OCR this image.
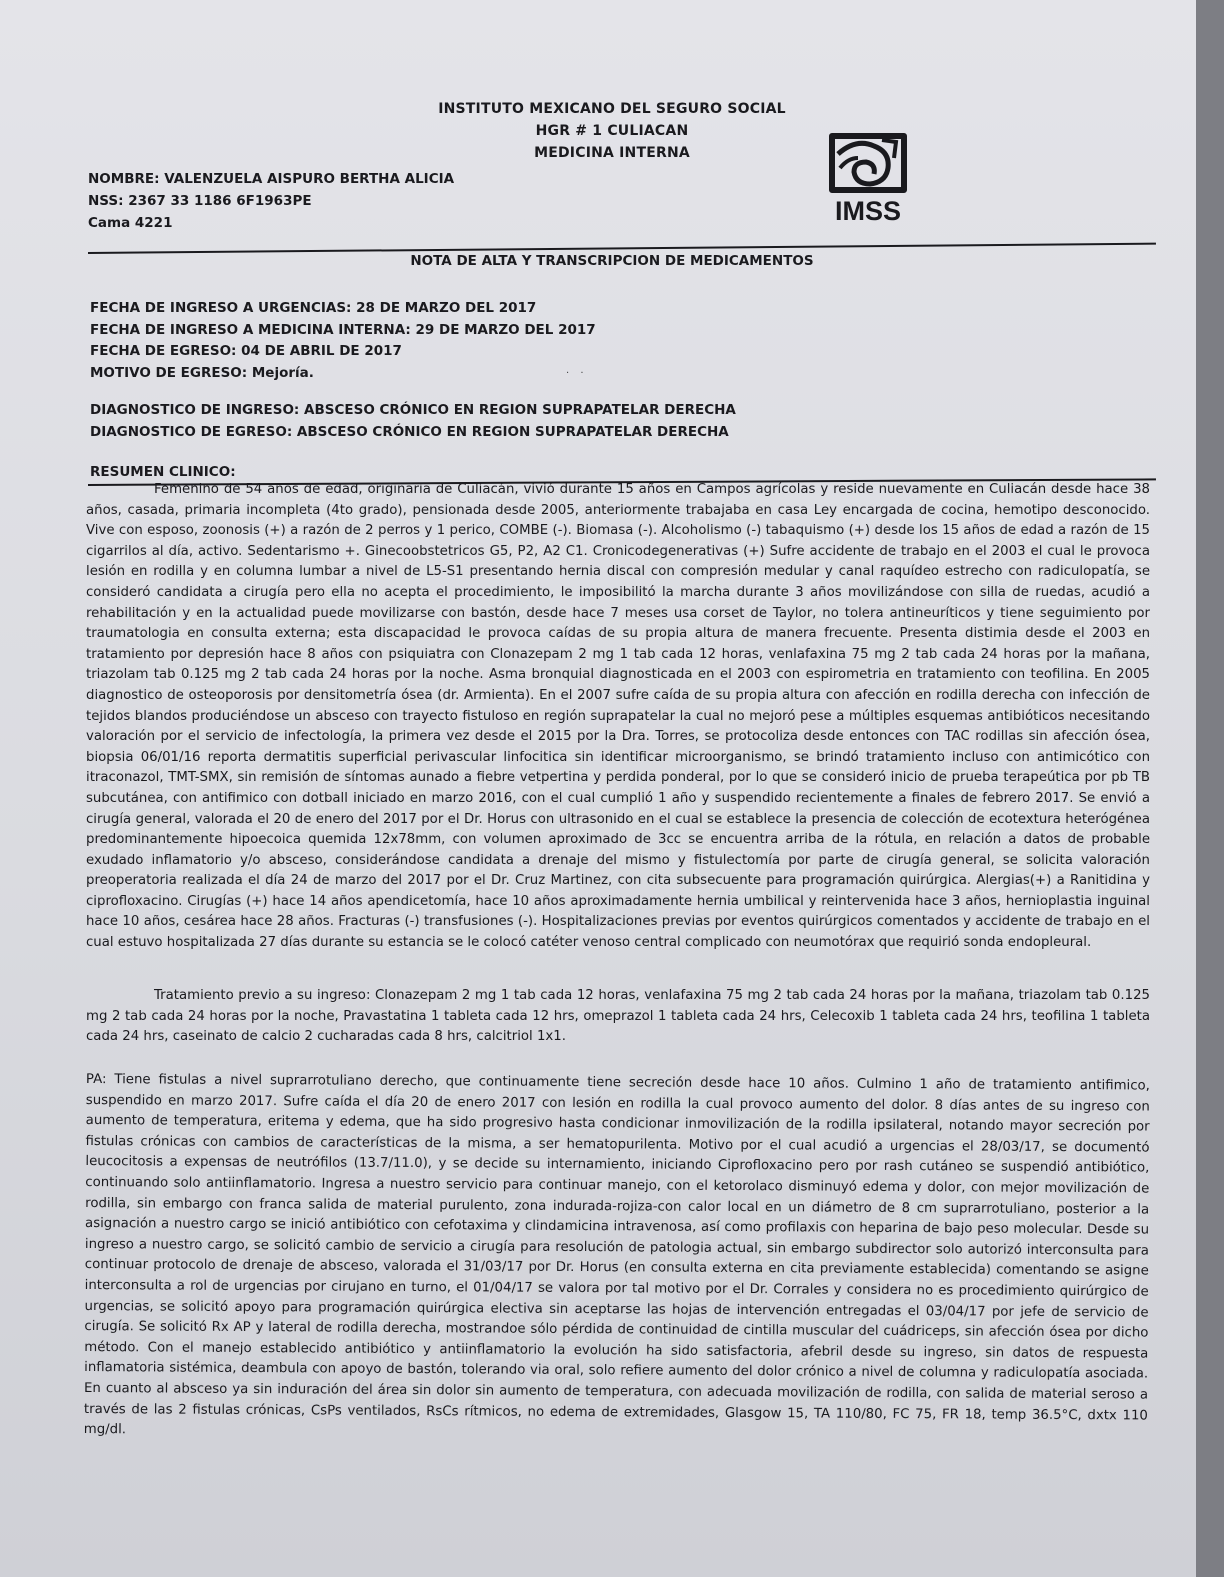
INSTITUTO MEXICANO DEL SEGURO SOCIAL
HGR # 1 CULIACAN
MEDICINA INTERNA
NOMBRE: VALENZUELA AISPURO BERTHA ALICIA
NSS: 2367 33 1186 6F1963PE
Cama 4221	IMSS
NOTA DE ALTA Y TRANSCRIPCION DE MEDICAMENTOS
FECHA DE INGRESO A URGENCIAS: 28 DE MARZO DEL 2017
FECHA DE INGRESO A MEDICINA INTERNA: 29 DE MARZO DEL 2017
FECHA DE EGRESO: 04 DE ABRIL DE 2017
MOTIVO DE EGRESO: Mejoría.	· ·
DIAGNOSTICO DE INGRESO: ABSCESO CRÓNICO EN REGION SUPRAPATELAR DERECHA
DIAGNOSTICO DE EGRESO: ABSCESO CRÓNICO EN REGION SUPRAPATELAR DERECHA
RESUMEN CLINICO:

Femenino de 54 años de edad, originaria de Culiacán, vivió durante 15 años en Campos agrícolas y reside nuevamente en Culiacán desde hace 38 años, casada, primaria incompleta (4to grado), pensionada desde 2005, anteriormente trabajaba en casa Ley encargada de cocina, hemotipo desconocido. Vive con esposo, zoonosis (+) a razón de 2 perros y 1 perico, COMBE (-). Biomasa (-). Alcoholismo (-) tabaquismo (+) desde los 15 años de edad a razón de 15 cigarrilos al día, activo. Sedentarismo +. Ginecoobstetricos G5, P2, A2 C1. Cronicodegenerativas (+) Sufre accidente de trabajo en el 2003 el cual le provoca lesión en rodilla y en columna lumbar a nivel de L5-S1 presentando hernia discal con compresión medular y canal raquídeo estrecho con radiculopatía, se consideró candidata a cirugía pero ella no acepta el procedimiento, le imposibilitó la marcha durante 3 años movilizándose con silla de ruedas, acudió a rehabilitación y en la actualidad puede movilizarse con bastón, desde hace 7 meses usa corset de Taylor, no tolera antineuríticos y tiene seguimiento por traumatologia en consulta externa; esta discapacidad le provoca caídas de su propia altura de manera frecuente. Presenta distimia desde el 2003 en tratamiento por depresión hace 8 años con psiquiatra con Clonazepam 2 mg 1 tab cada 12 horas, venlafaxina 75 mg 2 tab cada 24 horas por la mañana, triazolam tab 0.125 mg 2 tab cada 24 horas por la noche. Asma bronquial diagnosticada en el 2003 con espirometria en tratamiento con teofilina. En 2005 diagnostico de osteoporosis por densitometría ósea (dr. Armienta). En el 2007 sufre caída de su propia altura con afección en rodilla derecha con infección de tejidos blandos produciéndose un absceso con trayecto fistuloso en región suprapatelar la cual no mejoró pese a múltiples esquemas antibióticos necesitando valoración por el servicio de infectología, la primera vez desde el 2015 por la Dra. Torres, se protocoliza desde entonces con TAC rodillas sin afección ósea, biopsia 06/01/16 reporta dermatitis superficial perivascular linfocitica sin identificar microorganismo, se brindó tratamiento incluso con antimicótico con itraconazol, TMT-SMX, sin remisión de síntomas aunado a fiebre vetpertina y perdida ponderal, por lo que se consideró inicio de prueba terapeútica por pb TB subcutánea, con antifimico con dotball iniciado en marzo 2016, con el cual cumplió 1 año y suspendido recientemente a finales de febrero 2017. Se envió a cirugía general, valorada el 20 de enero del 2017 por el Dr. Horus con ultrasonido en el cual se establece la presencia de colección de ecotextura heterógénea predominantemente hipoecoica quemida 12x78mm, con volumen aproximado de 3cc se encuentra arriba de la rótula, en relación a datos de probable exudado inflamatorio y/o absceso, considerándose candidata a drenaje del mismo y fistulectomía por parte de cirugía general, se solicita valoración preoperatoria realizada el día 24 de marzo del 2017 por el Dr. Cruz Martinez, con cita subsecuente para programación quirúrgica. Alergias(+) a Ranitidina y ciprofloxacino. Cirugías (+) hace 14 años apendicetomía, hace 10 años aproximadamente hernia umbilical y reintervenida hace 3 años, hernioplastia inguinal hace 10 años, cesárea hace 28 años. Fracturas (-) transfusiones (-). Hospitalizaciones previas por eventos quirúrgicos comentados y accidente de trabajo en el cual estuvo hospitalizada 27 días durante su estancia se le colocó catéter venoso central complicado con neumotórax que requirió sonda endopleural.

Tratamiento previo a su ingreso: Clonazepam 2 mg 1 tab cada 12 horas, venlafaxina 75 mg 2 tab cada 24 horas por la mañana, triazolam tab 0.125 mg 2 tab cada 24 horas por la noche, Pravastatina 1 tableta cada 12 hrs, omeprazol 1 tableta cada 24 hrs, Celecoxib 1 tableta cada 24 hrs, teofilina 1 tableta cada 24 hrs, caseinato de calcio 2 cucharadas cada 8 hrs, calcitriol 1x1.

PA: Tiene fistulas a nivel suprarrotuliano derecho, que continuamente tiene secreción desde hace 10 años. Culmino 1 año de tratamiento antifimico, suspendido en marzo 2017. Sufre caída el día 20 de enero 2017 con lesión en rodilla la cual provoco aumento del dolor. 8 días antes de su ingreso con aumento de temperatura, eritema y edema, que ha sido progresivo hasta condicionar inmovilización de la rodilla ipsilateral, notando mayor secreción por fistulas crónicas con cambios de características de la misma, a ser hematopurilenta. Motivo por el cual acudió a urgencias el 28/03/17, se documentó leucocitosis a expensas de neutrófilos (13.7/11.0), y se decide su internamiento, iniciando Ciprofloxacino pero por rash cutáneo se suspendió antibiótico, continuando solo antiinflamatorio. Ingresa a nuestro servicio para continuar manejo, con el ketorolaco disminuyó edema y dolor, con mejor movilización de rodilla, sin embargo con franca salida de material purulento, zona indurada-rojiza-con calor local en un diámetro de 8 cm suprarrotuliano, posterior a la asignación a nuestro cargo se inició antibiótico con cefotaxima y clindamicina intravenosa, así como profilaxis con heparina de bajo peso molecular. Desde su ingreso a nuestro cargo, se solicitó cambio de servicio a cirugía para resolución de patologia actual, sin embargo subdirector solo autorizó interconsulta para continuar protocolo de drenaje de absceso, valorada el 31/03/17 por Dr. Horus (en consulta externa en cita previamente establecida) comentando se asigne interconsulta a rol de urgencias por cirujano en turno, el 01/04/17 se valora por tal motivo por el Dr. Corrales y considera no es procedimiento quirúrgico de urgencias, se solicitó apoyo para programación quirúrgica electiva sin aceptarse las hojas de intervención entregadas el 03/04/17 por jefe de servicio de cirugía. Se solicitó Rx AP y lateral de rodilla derecha, mostrandoe sólo pérdida de continuidad de cintilla muscular del cuádriceps, sin afección ósea por dicho método. Con el manejo establecido antibiótico y antiinflamatorio la evolución ha sido satisfactoria, afebril desde su ingreso, sin datos de respuesta inflamatoria sistémica, deambula con apoyo de bastón, tolerando via oral, solo refiere aumento del dolor crónico a nivel de columna y radiculopatía asociada. En cuanto al absceso ya sin induración del área sin dolor sin aumento de temperatura, con adecuada movilización de rodilla, con salida de material seroso a través de las 2 fistulas crónicas, CsPs ventilados, RsCs rítmicos, no edema de extremidades, Glasgow 15, TA 110/80, FC 75, FR 18, temp 36.5°C, dxtx 110 mg/dl.
